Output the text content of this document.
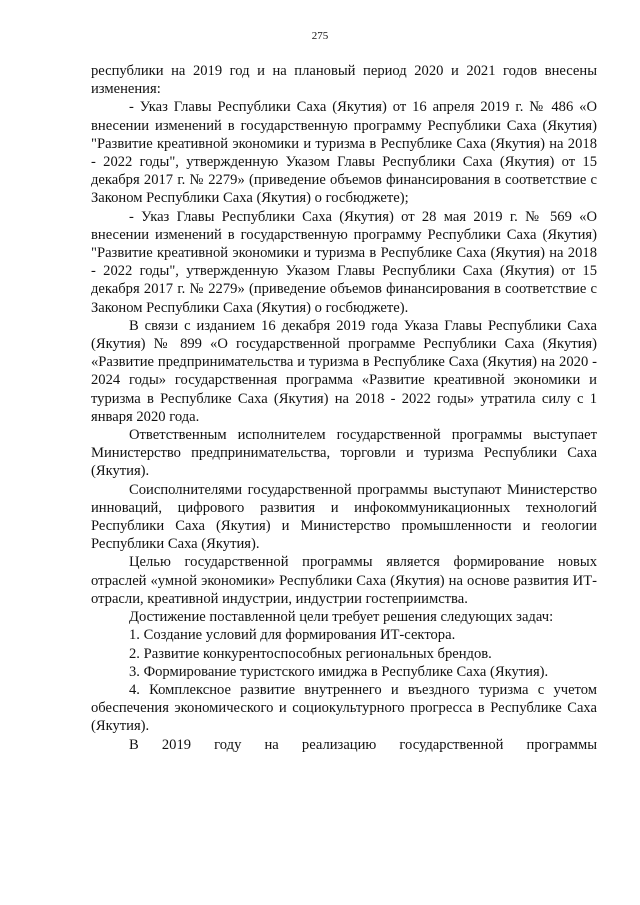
275

республики на 2019 год и на плановый период 2020 и 2021 годов внесены изменения:

- Указ Главы Республики Саха (Якутия) от 16 апреля 2019 г. № 486 «О внесении изменений в государственную программу Республики Саха (Якутия) "Развитие креативной экономики и туризма в Республике Саха (Якутия) на 2018 - 2022 годы", утвержденную Указом Главы Республики Саха (Якутия) от 15 декабря 2017 г. № 2279» (приведение объемов финансирования в соответствие с Законом Республики Саха (Якутия) о госбюджете);

- Указ Главы Республики Саха (Якутия) от 28 мая 2019 г. № 569 «О внесении изменений в государственную программу Республики Саха (Якутия) "Развитие креативной экономики и туризма в Республике Саха (Якутия) на 2018 - 2022 годы", утвержденную Указом Главы Республики Саха (Якутия) от 15 декабря 2017 г. № 2279» (приведение объемов финансирования в соответствие с Законом Республики Саха (Якутия) о госбюджете).

В связи с изданием 16 декабря 2019 года Указа Главы Республики Саха (Якутия) № 899 «О государственной программе Республики Саха (Якутия) «Развитие предпринимательства и туризма в Республике Саха (Якутия) на 2020 - 2024 годы» государственная программа «Развитие креативной экономики и туризма в Республике Саха (Якутия) на 2018 - 2022 годы» утратила силу с 1 января 2020 года.

Ответственным исполнителем государственной программы выступает Министерство предпринимательства, торговли и туризма Республики Саха (Якутия).

Соисполнителями государственной программы выступают Министерство инноваций, цифрового развития и инфокоммуникационных технологий Республики Саха (Якутия) и Министерство промышленности и геологии Республики Саха (Якутия).

Целью государственной программы является формирование новых отраслей «умной экономики» Республики Саха (Якутия) на основе развития ИТ-отрасли, креативной индустрии, индустрии гостеприимства.

Достижение поставленной цели требует решения следующих задач:

1. Создание условий для формирования ИТ-сектора.

2. Развитие конкурентоспособных региональных брендов.

3. Формирование туристского имиджа в Республике Саха (Якутия).

4. Комплексное развитие внутреннего и въездного туризма с учетом обеспечения экономического и социокультурного прогресса в Республике Саха (Якутия).

В 2019 году на реализацию государственной программы
